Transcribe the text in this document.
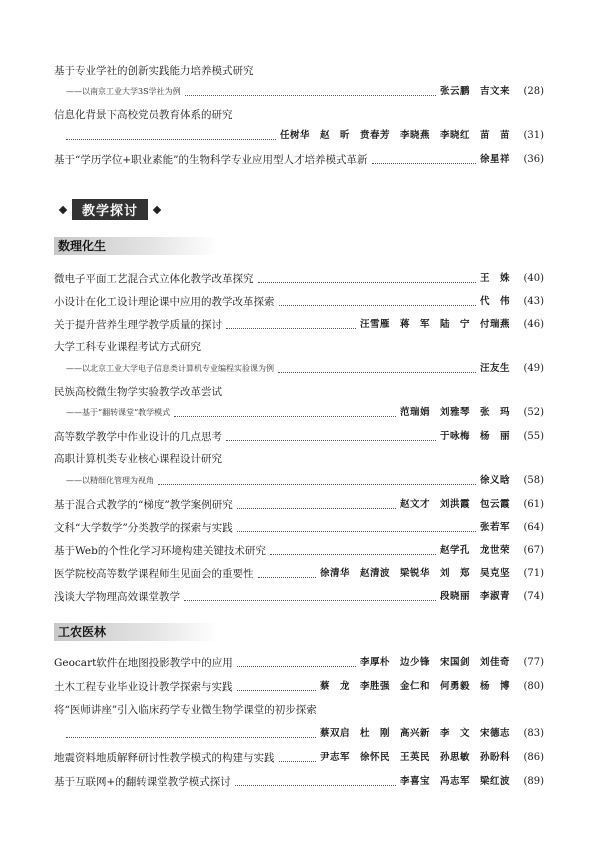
基于专业学社的创新实践能力培养模式研究
——以南京工业大学3S学社为例	张云鹏　吉文来	(28)
信息化背景下高校党员教育体系的研究
任树华　赵　昕　贲春芳　李晓燕　李晓红　苗　苗	(31)
基于“学历学位+职业素能”的生物科学专业应用型人才培养模式革新	徐星祥	(36)
教学探讨
数理化生
微电子平面工艺混合式立体化教学改革探究	王　姝	(40)
小设计在化工设计理论课中应用的教学改革探索	代　伟	(43)
关于提升营养生理学教学质量的探讨	汪雪雁　蒋　军　陆　宁　付瑞燕	(46)
大学工科专业课程考试方式研究
——以北京工业大学电子信息类计算机专业编程实验课为例	汪友生	(49)
民族高校微生物学实验教学改革尝试
——基于“翻转课堂”教学模式	范瑞娟　刘雅琴　张　玛	(52)
高等数学教学中作业设计的几点思考	于咏梅　杨　丽	(55)
高职计算机类专业核心课程设计研究
——以精细化管理为视角	徐义晗	(58)
基于混合式教学的“梯度”教学案例研究	赵文才　刘洪霞　包云霞	(61)
文科“大学数学”分类教学的探索与实践	张若军	(64)
基于Web的个性化学习环境构建关键技术研究	赵学孔　龙世荣	(67)
医学院校高等数学课程师生见面会的重要性	徐清华　赵清波　梁锐华　刘　郑　吴克坚	(71)
浅谈大学物理高效课堂教学	段晓丽　李淑青	(74)
工农医林
Geocart软件在地图投影教学中的应用	李厚朴　边少锋　宋国剑　刘佳奇	(77)
土木工程专业毕业设计教学探索与实践	蔡　龙　李胜强　金仁和　何勇毅　杨　博	(80)
将“医师讲座”引入临床药学专业微生物学课堂的初步探索
蔡双启　杜　刚　高兴新　李　文　宋德志	(83)
地震资料地质解释研讨性教学模式的构建与实践	尹志军　徐怀民　王英民　孙思敏　孙盼科	(86)
基于互联网+的翻转课堂教学模式探讨	李喜宝　冯志军　梁红波	(89)
